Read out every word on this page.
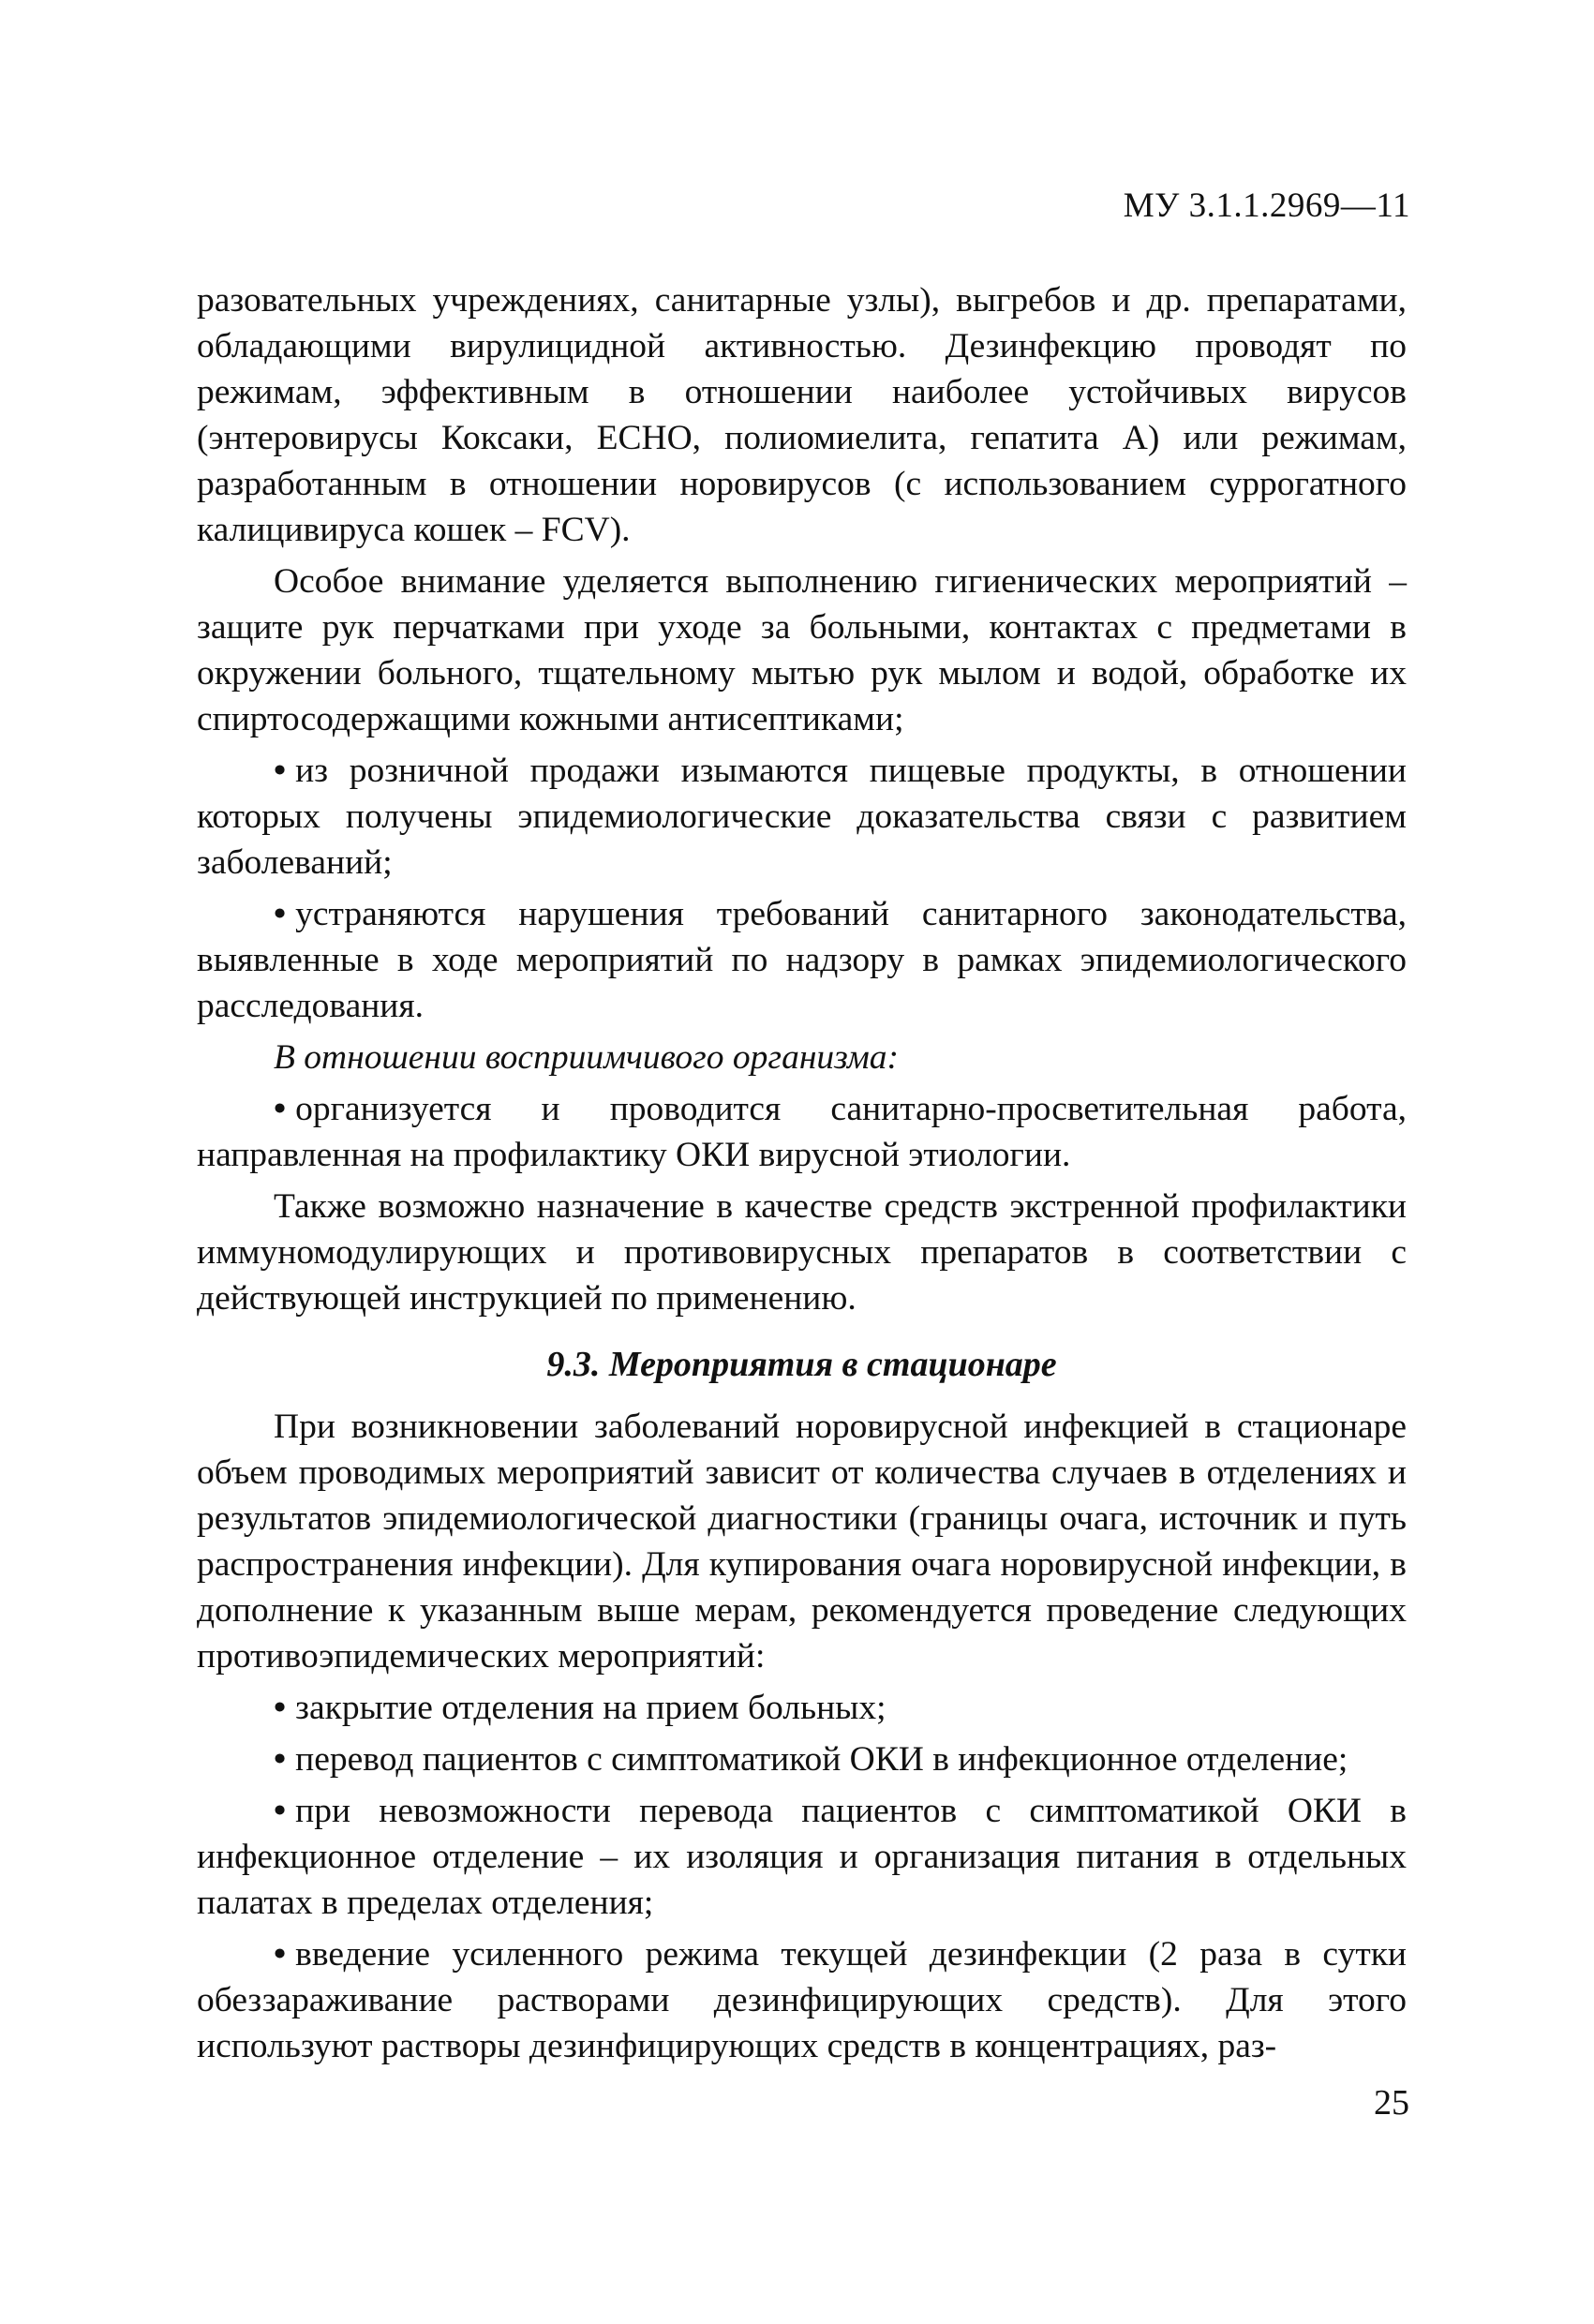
МУ 3.1.1.2969—11

разовательных учреждениях, санитарные узлы), выгребов и др. препаратами, обладающими вирулицидной активностью. Дезинфекцию проводят по режимам, эффективным в отношении наиболее устойчивых вирусов (энтеровирусы Коксаки, ЕСНО, полиомиелита, гепатита А) или режимам, разработанным в отношении норовирусов (с использованием суррогатного калицивируса кошек – FCV).

Особое внимание уделяется выполнению гигиенических мероприятий – защите рук перчатками при уходе за больными, контактах с предметами в окружении больного, тщательному мытью рук мылом и водой, обработке их спиртосодержащими кожными антисептиками;

• из розничной продажи изымаются пищевые продукты, в отношении которых получены эпидемиологические доказательства связи с развитием заболеваний;

• устраняются нарушения требований санитарного законодательства, выявленные в ходе мероприятий по надзору в рамках эпидемиологического расследования.

В отношении восприимчивого организма:

• организуется и проводится санитарно-просветительная работа, направленная на профилактику ОКИ вирусной этиологии.

Также возможно назначение в качестве средств экстренной профилактики иммуномодулирующих и противовирусных препаратов в соответствии с действующей инструкцией по применению.

9.3. Мероприятия в стационаре

При возникновении заболеваний норовирусной инфекцией в стационаре объем проводимых мероприятий зависит от количества случаев в отделениях и результатов эпидемиологической диагностики (границы очага, источник и путь распространения инфекции). Для купирования очага норовирусной инфекции, в дополнение к указанным выше мерам, рекомендуется проведение следующих противоэпидемических мероприятий:

• закрытие отделения на прием больных;

• перевод пациентов с симптоматикой ОКИ в инфекционное отделение;

• при невозможности перевода пациентов с симптоматикой ОКИ в инфекционное отделение – их изоляция и организация питания в отдельных палатах в пределах отделения;

• введение усиленного режима текущей дезинфекции (2 раза в сутки обеззараживание растворами дезинфицирующих средств). Для этого используют растворы дезинфицирующих средств в концентрациях, раз-

25
